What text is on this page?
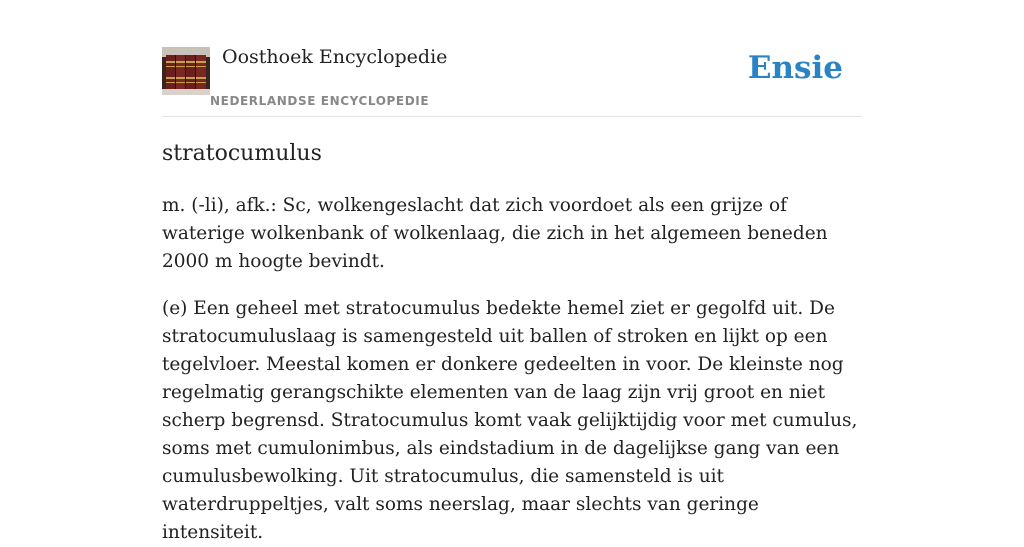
Oosthoek Encyclopedie
NEDERLANDSE ENCYCLOPEDIE
Ensie
stratocumulus

m. (-li), afk.: Sc, wolkengeslacht dat zich voordoet als een grijze of waterige wolkenbank of wolkenlaag, die zich in het algemeen beneden 2000 m hoogte bevindt.

(e) Een geheel met stratocumulus bedekte hemel ziet er gegolfd uit. De stratocumuluslaag is samengesteld uit ballen of stroken en lijkt op een tegelvloer. Meestal komen er donkere gedeelten in voor. De kleinste nog regelmatig gerangschikte elementen van de laag zijn vrij groot en niet scherp begrensd. Stratocumulus komt vaak gelijktijdig voor met cumulus, soms met cumulonimbus, als eindstadium in de dagelijkse gang van een cumulusbewolking. Uit stratocumulus, die samensteld is uit waterdruppeltjes, valt soms neerslag, maar slechts van geringe intensiteit.
